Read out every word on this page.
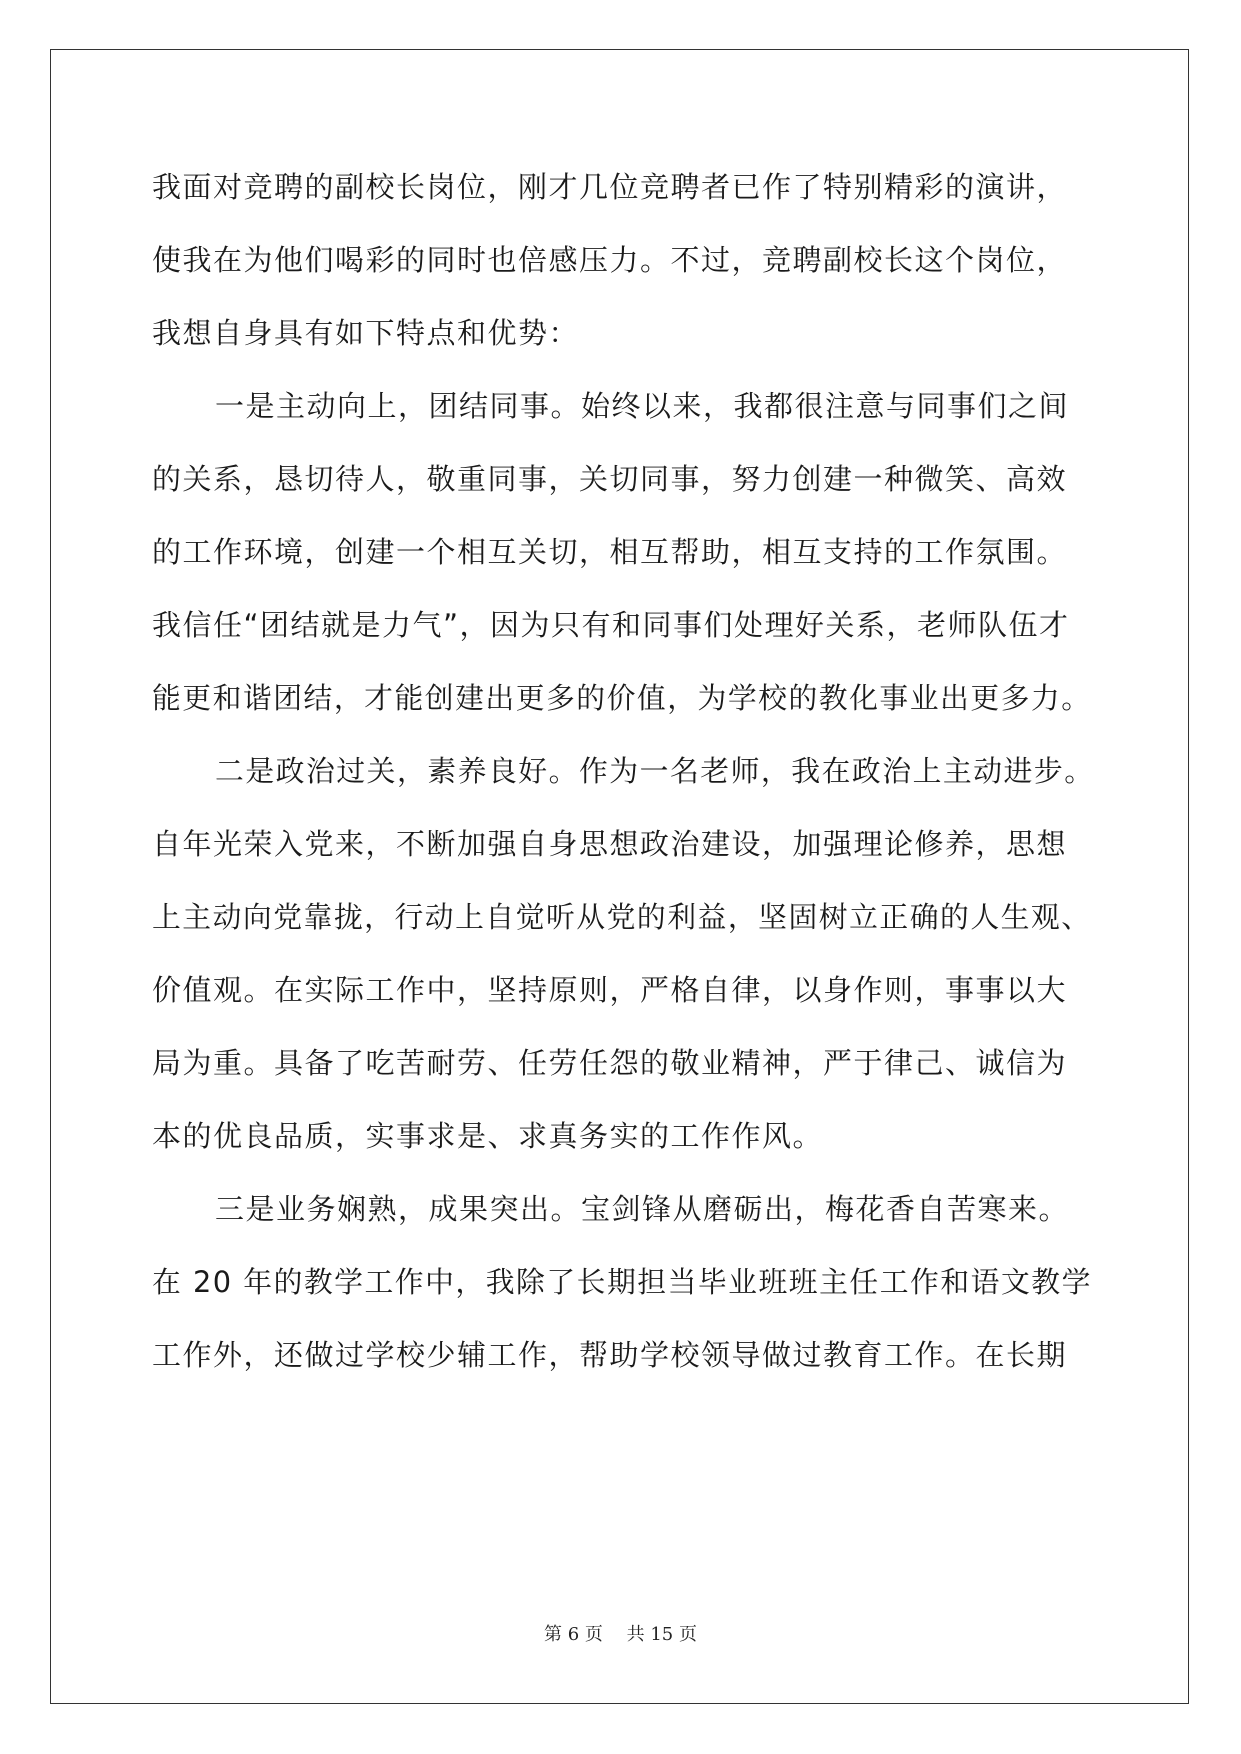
我面对竞聘的副校长岗位，刚才几位竞聘者已作了特别精彩的演讲，
使我在为他们喝彩的同时也倍感压力。不过，竞聘副校长这个岗位，
我想自身具有如下特点和优势：
一是主动向上，团结同事。始终以来，我都很注意与同事们之间
的关系，恳切待人，敬重同事，关切同事，努力创建一种微笑、高效
的工作环境，创建一个相互关切，相互帮助，相互支持的工作氛围。
我信任“团结就是力气”，因为只有和同事们处理好关系，老师队伍才
能更和谐团结，才能创建出更多的价值，为学校的教化事业出更多力。
二是政治过关，素养良好。作为一名老师，我在政治上主动进步。
自年光荣入党来，不断加强自身思想政治建设，加强理论修养，思想
上主动向党靠拢，行动上自觉听从党的利益，坚固树立正确的人生观、
价值观。在实际工作中，坚持原则，严格自律，以身作则，事事以大
局为重。具备了吃苦耐劳、任劳任怨的敬业精神，严于律己、诚信为
本的优良品质，实事求是、求真务实的工作作风。
三是业务娴熟，成果突出。宝剑锋从磨砺出，梅花香自苦寒来。
在 20 年的教学工作中，我除了长期担当毕业班班主任工作和语文教学
工作外，还做过学校少辅工作，帮助学校领导做过教育工作。在长期
第 6 页　 共 15 页
